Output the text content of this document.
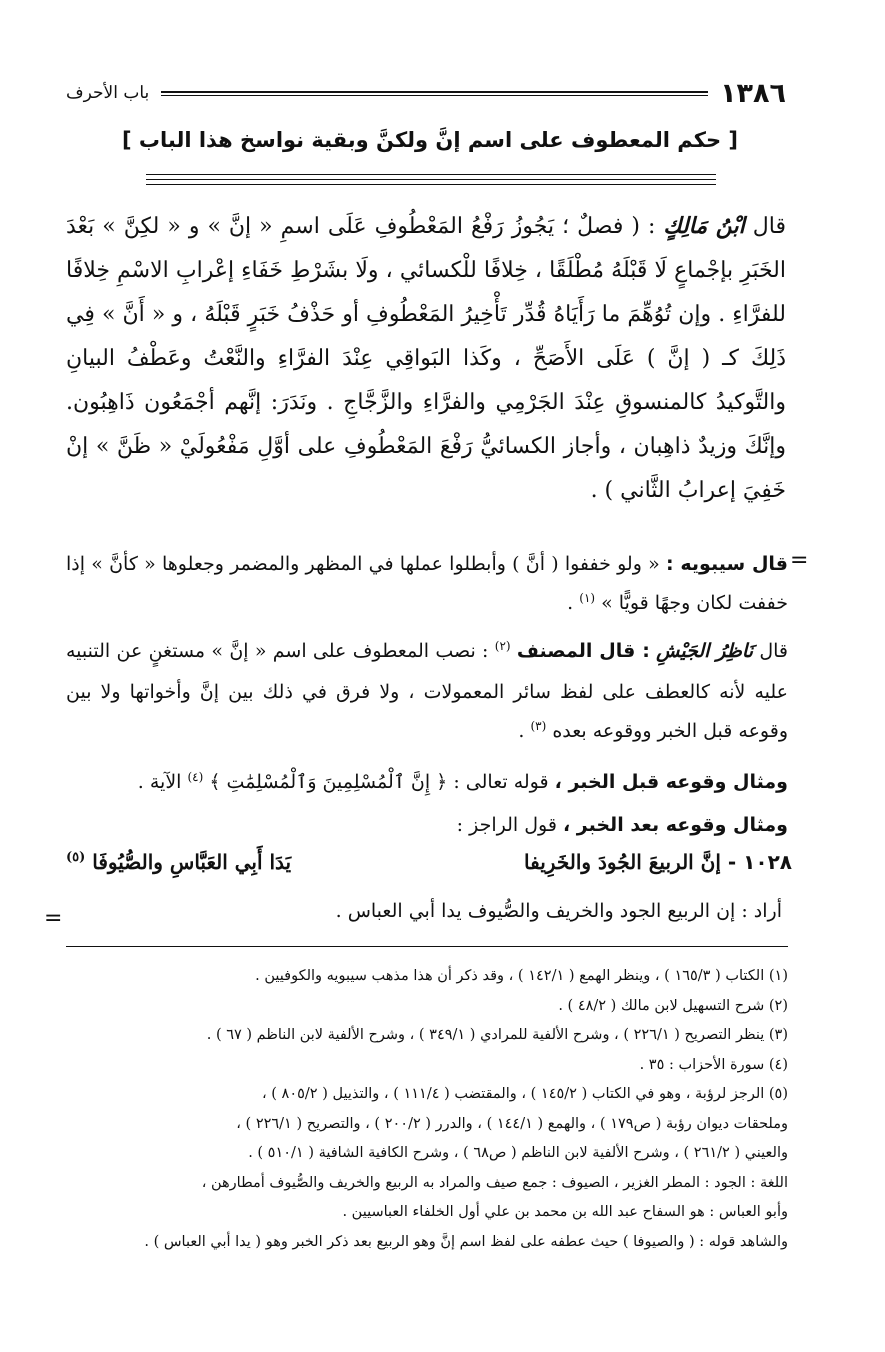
١٣٨٦
باب الأحرف
[ حكم المعطوف على اسم إنَّ ولكنَّ وبقية نواسخ هذا الباب ]
قال ابْنُ مَالِكٍ : ( فصلٌ ؛ يَجُوزُ رَفْعُ المَعْطُوفِ عَلَى اسمِ « إنَّ » و « لكِنَّ » بَعْدَ الخَبَرِ بإجْماعٍ لَا قَبْلَهُ مُطْلَقًا ، خِلافًا للْكسائي ، ولَا بشَرْطِ خَفَاءِ إعْرابِ الاسْمِ خِلافًا للفرَّاءِ . وإن تُوُهِّمَ ما رَأَيَاهُ قُدِّر تَأْخِيرُ المَعْطُوفِ أو حَذْفُ خَبَرٍ قَبْلَهُ ، و « أَنَّ » فِي ذَلِكَ كـ ( إنَّ ) عَلَى الأَصَحِّ ، وكَذا البَواقِي عِنْدَ الفرَّاءِ والنَّعْتُ وعَطْفُ البيانِ والتَّوكيدُ كالمنسوقِ عِنْدَ الجَرْمِي والفرَّاءِ والزَّجَّاجِ . ونَدَرَ: إنَّهم أجْمَعُون ذَاهِبُون. وإنَّكَ وزيدٌ ذاهِبان ، وأجاز الكسائيُّ رَفْعَ المَعْطُوفِ على أوَّلِ مَفْعُولَيْ « ظَنَّ » إنْ خَفِيَ إعرابُ الثَّاني ) .
=
قال سيبويه : « ولو خففوا ( أنَّ ) وأبطلوا عملها في المظهر والمضمر وجعلوها « كأنَّ » إذا خففت لكان وجهًا قويًّا » $^{(١)}$ .
قال نَاظِرُ الجَيْشِ : قال المصنف $^{(٢)}$ : نصب المعطوف على اسم « إنَّ » مستغنٍ عن التنبيه عليه لأنه كالعطف على لفظ سائر المعمولات ، ولا فرق في ذلك بين إنَّ وأخواتها ولا بين وقوعه قبل الخبر ووقوعه بعده $^{(٣)}$ .
ومثال وقوعه قبل الخبر ، قوله تعالى : ﴿ إِنَّ ٱلْمُسْلِمِينَ وَٱلْمُسْلِمَٰتِ ﴾ $^{(٤)}$ الآية .
ومثال وقوعه بعد الخبر ، قول الراجز :
١٠٢٨ - إنَّ الربيعَ الجُودَ والخَرِيفا
يَدَا أَبِي العَبَّاسِ والصُّيُوفَا $^{(٥)}$
=	أراد : إن الربيع الجود والخريف والصُّيوف يدا أبي العباس .

(١) الكتاب ( ١٦٥/٣ ) ، وينظر الهمع ( ١٤٢/١ ) ، وقد ذكر أن هذا مذهب سيبويه والكوفيين .

(٢) شرح التسهيل لابن مالك ( ٤٨/٢ ) .

(٣) ينظر التصريح ( ٢٢٦/١ ) ، وشرح الألفية للمرادي ( ٣٤٩/١ ) ، وشرح الألفية لابن الناظم ( ٦٧ ) .

(٤) سورة الأحزاب : ٣٥ .

(٥) الرجز لرؤبة ، وهو في الكتاب ( ١٤٥/٢ ) ، والمقتضب ( ١١١/٤ ) ، والتذييل ( ٨٠٥/٢ ) ،

وملحقات ديوان رؤبة ( ص١٧٩ ) ، والهمع ( ١٤٤/١ ) ، والدرر ( ٢٠٠/٢ ) ، والتصريح ( ٢٢٦/١ ) ،

والعيني ( ٢٦١/٢ ) ، وشرح الألفية لابن الناظم ( ص٦٨ ) ، وشرح الكافية الشافية ( ٥١٠/١ ) .

اللغة : الجود : المطر الغزير ، الصيوف : جمع صيف والمراد به الربيع والخريف والصُّيوف أمطارهن ،

وأبو العباس : هو السفاح عبد الله بن محمد بن علي أول الخلفاء العباسيين .

والشاهد قوله : ( والصيوفا ) حيث عطفه على لفظ اسم إنَّ وهو الربيع بعد ذكر الخبر وهو ( يدا أبي العباس ) .
